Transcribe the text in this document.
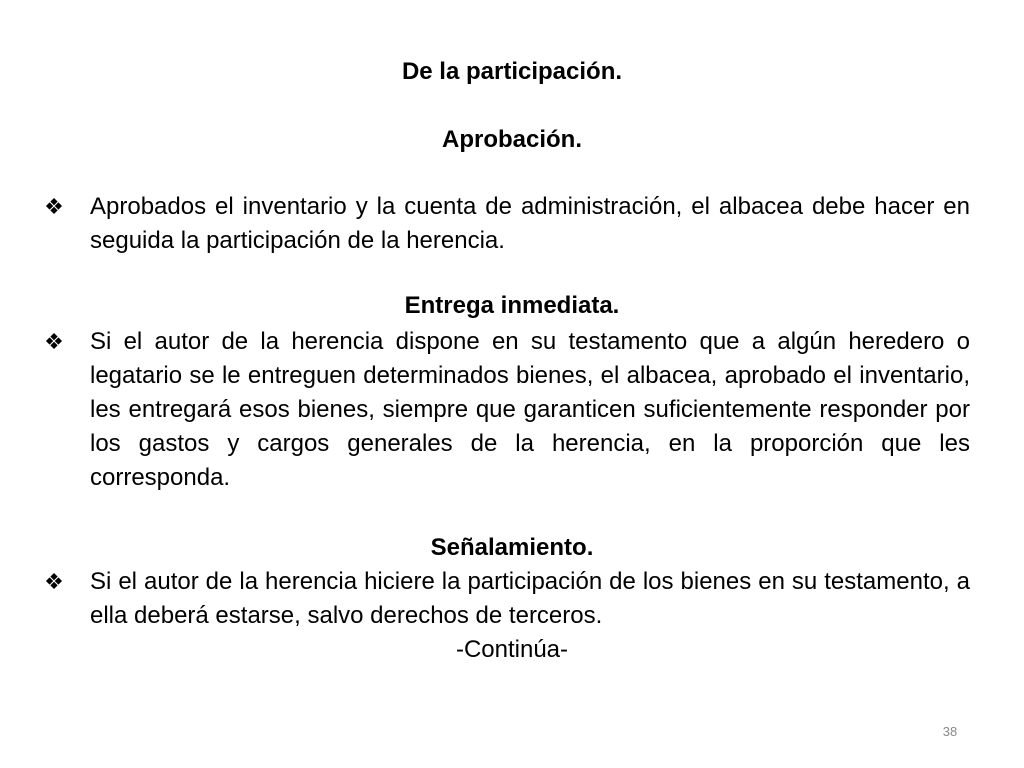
De la participación.
Aprobación.
❖ Aprobados el inventario y la cuenta de administración, el albacea debe hacer en seguida la participación de la herencia.
Entrega inmediata.
❖ Si el autor de la herencia dispone en su testamento que a algún heredero o legatario se le entreguen determinados bienes, el albacea, aprobado el inventario, les entregará esos bienes, siempre que garanticen suficientemente responder por los gastos y cargos generales de la herencia, en la proporción que les corresponda.
Señalamiento.
❖ Si el autor de la herencia hiciere la participación de los bienes en su testamento, a ella deberá estarse, salvo derechos de terceros.
-Continúa-
38
